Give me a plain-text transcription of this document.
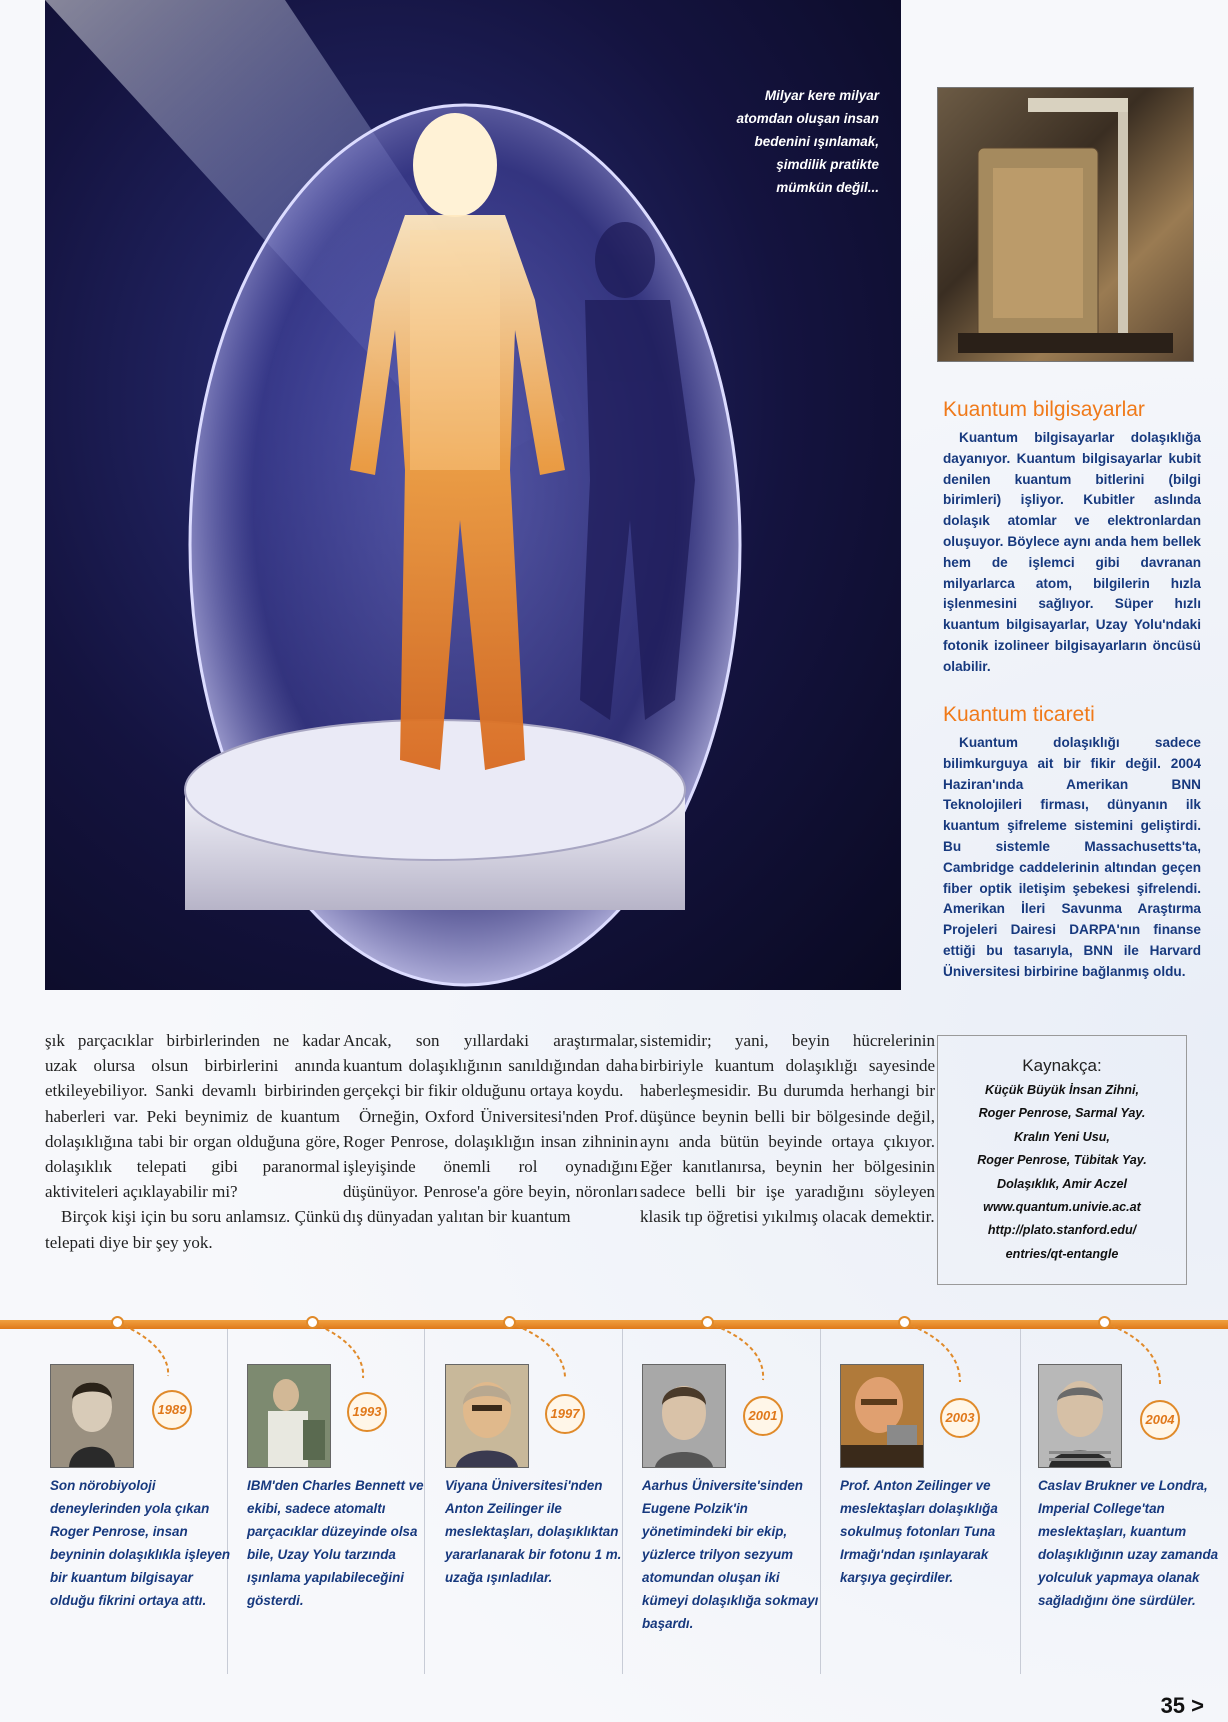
Milyar kere milyar atomdan oluşan insan bedenini ışınlamak, şimdilik pratikte mümkün değil...
Kuantum bilgisayarlar
Kuantum bilgisayarlar dolaşıklığa dayanıyor. Kuantum bilgisayarlar kubit denilen kuantum bitlerini (bilgi birimleri) işliyor. Kubitler aslında dolaşık atomlar ve elektronlardan oluşuyor. Böylece aynı anda hem bellek hem de işlemci gibi davranan milyarlarca atom, bilgilerin hızla işlenmesini sağlıyor. Süper hızlı kuantum bilgisayarlar, Uzay Yolu'ndaki fotonik izolineer bilgisayarların öncüsü olabilir.
Kuantum ticareti
Kuantum dolaşıklığı sadece bilimkurguya ait bir fikir değil. 2004 Haziran'ında Amerikan BNN Teknolojileri firması, dünyanın ilk kuantum şifreleme sistemini geliştirdi. Bu sistemle Massachusetts'ta, Cambridge caddelerinin altından geçen fiber optik iletişim şebekesi şifrelendi. Amerikan İleri Savunma Araştırma Projeleri Dairesi DARPA'nın finanse ettiği bu tasarıyla, BNN ile Harvard Üniversitesi birbirine bağlanmış oldu.

şık parçacıklar birbirlerinden ne kadar uzak olursa olsun birbirlerini anında etkileyebiliyor. Sanki devamlı birbirinden haberleri var. Peki beynimiz de kuantum dolaşıklığına tabi bir organ olduğuna göre, dolaşıklık telepati gibi paranormal aktiviteleri açıklayabilir mi?

Birçok kişi için bu soru anlamsız. Çünkü telepati diye bir şey yok.

Ancak, son yıllardaki araştırmalar, kuantum dolaşıklığının sanıldığından daha gerçekçi bir fikir olduğunu ortaya koydu.

Örneğin, Oxford Üniversitesi'nden Prof. Roger Penrose, dolaşıklığın insan zihninin işleyişinde önemli rol oynadığını düşünüyor. Penrose'a göre beyin, nöronları dış dünyadan yalıtan bir kuantum

sistemidir; yani, beyin hücrelerinin birbiriyle kuantum dolaşıklığı sayesinde haberleşmesidir. Bu durumda herhangi bir düşünce beynin belli bir bölgesinde değil, aynı anda bütün beyinde ortaya çıkıyor. Eğer kanıtlanırsa, beynin her bölgesinin sadece belli bir işe yaradığını söyleyen klasik tıp öğretisi yıkılmış olacak demektir.

Kaynakça:
Küçük Büyük İnsan Zihni,
Roger Penrose, Sarmal Yay.
Kralın Yeni Usu,
Roger Penrose, Tübitak Yay.
Dolaşıklık, Amir Aczel
www.quantum.univie.ac.at
http://plato.stanford.edu/
entries/qt-entangle
1989
Son nörobiyoloji deneylerinden yola çıkan Roger Penrose, insan beyninin dolaşıklıkla işleyen bir kuantum bilgisayar olduğu fikrini ortaya attı.
1993
IBM'den Charles Bennett ve ekibi, sadece atomaltı parçacıklar düzeyinde olsa bile, Uzay Yolu tarzında ışınlama yapılabileceğini gösterdi.
1997
Viyana Üniversitesi'nden Anton Zeilinger ile meslektaşları, dolaşıklıktan yararlanarak bir fotonu 1 m. uzağa ışınladılar.
2001
Aarhus Üniversite'sinden Eugene Polzik'in yönetimindeki bir ekip, yüzlerce trilyon sezyum atomundan oluşan iki kümeyi dolaşıklığa sokmayı başardı.
2003
Prof. Anton Zeilinger ve meslektaşları dolaşıklığa sokulmuş fotonları Tuna Irmağı'ndan ışınlayarak karşıya geçirdiler.
2004
Caslav Brukner ve Londra, Imperial College'tan meslektaşları, kuantum dolaşıklığının uzay zamanda yolculuk yapmaya olanak sağladığını öne sürdüler.
35 >
